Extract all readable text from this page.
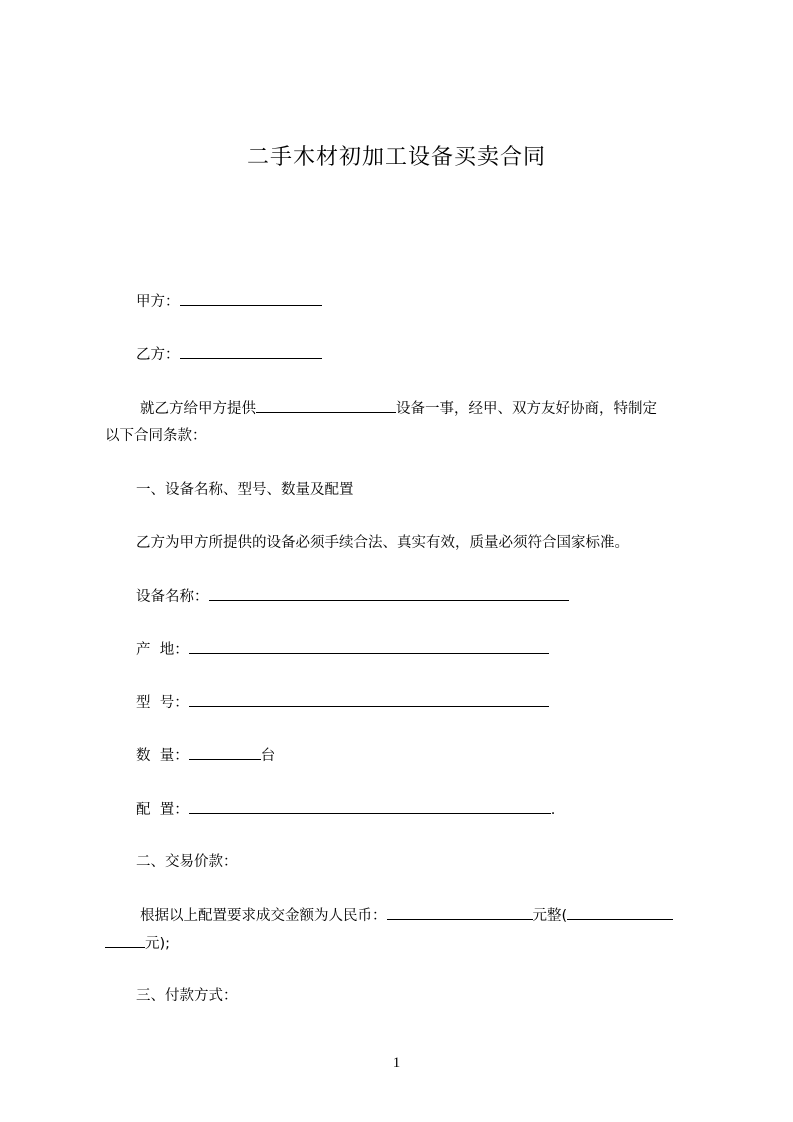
二手木材初加工设备买卖合同
甲方：
乙方：
就乙方给甲方提供	设备一事，经甲、双方友好协商，特制定
以下合同条款：
一、设备名称、型号、数量及配置
乙方为甲方所提供的设备必须手续合法、真实有效，质量必须符合国家标准。
设备名称：
产  地：
型  号：
数  量：	台
配  置：	.
二、交易价款：
根据以上配置要求成交金额为人民币：	元整(
元);
三、付款方式：
1
